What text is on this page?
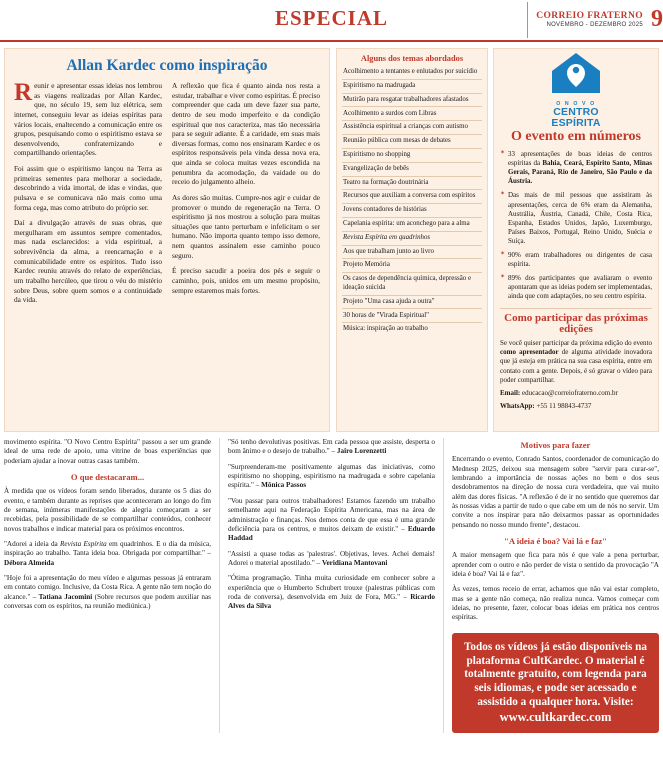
ESPECIAL	CORREIO FRATERNO
NOVEMBRO - DEZEMBRO 2025 9
Allan Kardec como inspiração

Reunir e apresentar essas ideias nos lembrou as viagens realizadas por Allan Kardec, que, no século 19, sem luz elétrica, sem internet, conseguiu levar as ideias espíritas para vários locais, enaltecendo a comunicação entre os grupos, pesquisando como o espiritismo estava se desenvolvendo, confraternizando e compartilhando orientações.

Foi assim que o espiritismo lançou na Terra as primeiras sementes para melhorar a sociedade, descobrindo a vida imortal, de idas e vindas, que pulsava e se comunicava não mais como uma forma cega, mas como atributo do próprio ser.

Daí a divulgação através de suas obras, que mergulharam em assuntos sempre comentados, mas nada esclarecidos: a vida espiritual, a sobrevivência da alma, a reencarnação e a comunicabilidade entre os espíritos. Tudo isso Kardec reuniu através do relato de experiências, um trabalho hercúleo, que tirou o véu do mistério sobre Deus, sobre quem somos e a continuidade da vida.

A reflexão que fica é quanto ainda nos resta a estudar, trabalhar e viver como espíritas. É preciso compreender que cada um deve fazer sua parte, dentro de seu modo imperfeito e da condição espiritual que nos caracteriza, mas tão necessária para se seguir adiante. É a caridade, em suas mais diversas formas, como nos ensinaram Kardec e os espíritos responsáveis pela vinda dessa nova era, que ainda se coloca muitas vezes escondida na penumbra da acomodação, da vaidade ou do receio do julgamento alheio.

As dores são muitas. Cumpre-nos agir e cuidar de promover o mundo de regeneração na Terra. O espiritismo já nos mostrou a solução para muitas situações que tanto perturbam e infelicitam o ser humano. Não importa quanto tempo isso demore, nem quantos assinalem esse caminho pouco seguro.

É preciso sacudir a poeira dos pés e seguir o caminho, pois, unidos em um mesmo propósito, sempre estaremos mais fortes.

Alguns dos temas abordados
Acolhimento a tentantes e enlutados por suicídio
Espiritismo na madrugada
Mutirão para resgatar trabalhadores afastados
Acolhimento a surdos com Libras
Assistência espiritual a crianças com autismo
Reunião pública com mesas de debates
Espiritismo no shopping
Evangelização de bebês
Teatro na formação doutrinária
Recursos que auxiliam a conversa com espíritos
Jovens contadores de histórias
Capelania espírita: um aconchego para a alma
Revista Espírita em quadrinhos
Aos que trabalham junto ao livro
Projeto Memória
Os casos de dependência química, depressão e ideação suicida
Projeto "Uma casa ajuda a outra"
30 horas de "Virada Espiritual"
Música: inspiração ao trabalho
O N O V O
CENTRO
ESPÍRITA
O evento em números
✶ 33 apresentações de boas ideias de centros espíritas da Bahia, Ceará, Espírito Santo, Minas Gerais, Paraná, Rio de Janeiro, São Paulo e da Áustria.
✶ Das mais de mil pessoas que assistiram às apresentações, cerca de 6% eram da Alemanha, Austrália, Áustria, Canadá, Chile, Costa Rica, Espanha, Estados Unidos, Japão, Luxemburgo, Países Baixos, Portugal, Reino Unido, Suécia e Suíça.
✶ 90% eram trabalhadores ou dirigentes de casa espírita.
✶ 89% dos participantes que avaliaram o evento apontaram que as ideias podem ser implementadas, ainda que com adaptações, no seu centro espírita.
Como participar das próximas edições

Se você quiser participar da próxima edição do evento como apresentador de alguma atividade inovadora que já esteja em prática na sua casa espírita, entre em contato com a gente. Depois, é só gravar o vídeo para poder compartilhar.

Email: educacao@correiofraterno.com.br

WhatsApp: +55 11 98843-4737

movimento espírita. "O Novo Centro Espírita" passou a ser um grande ideal de uma rede de apoio, uma vitrine de boas experiências que poderiam ajudar a inovar outras casas também.

O que destacaram...

À medida que os vídeos foram sendo liberados, durante os 5 dias do evento, e também durante as reprises que aconteceram ao longo do fim de semana, inúmeras manifestações de alegria começaram a ser recebidas, pela possibilidade de se compartilhar conteúdos, conhecer novos trabalhos e indicar material para os próximos encontros.

"Adorei a ideia da Revista Espírita em quadrinhos. E o dia da música, inspiração ao trabalho. Tanta ideia boa. Obrigada por compartilhar." – Débora Almeida

"Hoje foi a apresentação do meu vídeo e algumas pessoas já entraram em contato comigo. Inclusive, da Costa Rica. A gente não tem noção do alcance." – Tatiana Jacomini (Sobre recursos que podem auxiliar nas conversas com os espíritos, na reunião mediúnica.)

"Só tenho devolutivas positivas. Em cada pessoa que assiste, desperta o bom ânimo e o desejo de trabalho." – Jairo Lorenzetti

"Surpreenderam-me positivamente algumas das iniciativas, como espiritismo no shopping, espiritismo na madrugada e sobre capelania espírita." – Mônica Passos

"Vou passar para outros trabalhadores! Estamos fazendo um trabalho semelhante aqui na Federação Espírita Americana, mas na área de administração e finanças. Nos demos conta de que essa é uma grande deficiência para os centros, e muitos deixam de existir." – Eduardo Haddad

"Assisti a quase todas as 'palestras'. Objetivas, leves. Achei demais! Adorei o material apostilado." – Veridiana Mantovani

"Ótima programação. Tinha muita curiosidade em conhecer sobre a experiência que o Humberto Schubert trouxe (palestras públicas com roda de conversa), desenvolvida em Juiz de Fora, MG." – Ricardo Alves da Silva

Motivos para fazer

Encerrando o evento, Conrado Santos, coordenador de comunicação do Mednesp 2025, deixou sua mensagem sobre "servir para curar-se", lembrando a importância de nossas ações no bem e dos seus desdobramentos na direção de nossa cura verdadeira, que vai muito além das dores físicas. "A reflexão é de ir no sentido que queremos dar às nossas vidas a partir de tudo o que cabe em um de nós no servir. Um convite a nos inspirar para não deixarmos passar as oportunidades pensando no nosso mundo frente", destacou.

"A ideia é boa? Vai lá e faz"

A maior mensagem que fica para nós é que vale a pena perturbar, aprender com o outro e não perder de vista o sentido da provocação "A ideia é boa? Vai lá e faz".

Às vezes, temos receio de errar, achamos que não vai estar completo, mas se a gente não começa, não realiza nunca. Vamos começar com ideias, no presente, fazer, colocar boas ideias em prática nos centros espíritas.

Todos os vídeos já estão disponíveis na plataforma CultKardec. O material é totalmente gratuito, com legenda para seis idiomas, e pode ser acessado e assistido a qualquer hora. Visite:
www.cultkardec.com
